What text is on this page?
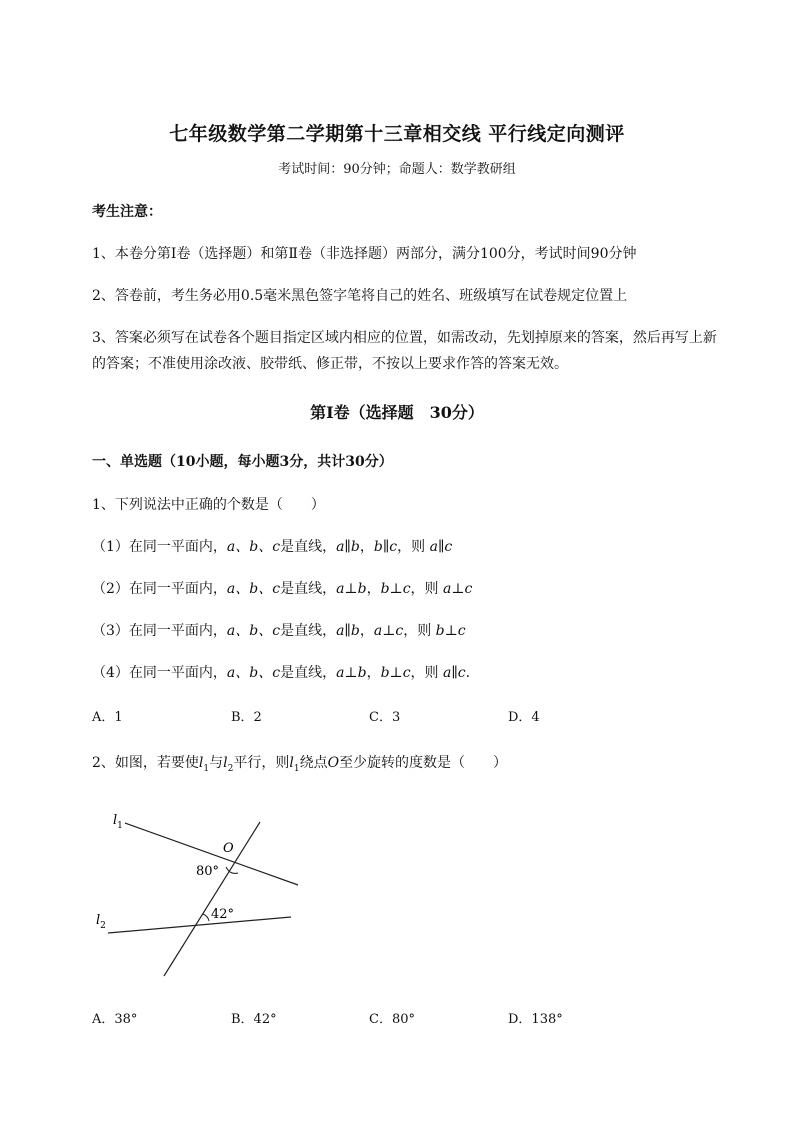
七年级数学第二学期第十三章相交线 平行线定向测评
考试时间：90分钟；命题人：数学教研组
考生注意：
1、本卷分第I卷（选择题）和第Ⅱ卷（非选择题）两部分，满分100分，考试时间90分钟
2、答卷前，考生务必用0.5毫米黑色签字笔将自己的姓名、班级填写在试卷规定位置上
3、答案必须写在试卷各个题目指定区域内相应的位置，如需改动，先划掉原来的答案，然后再写上新
的答案；不准使用涂改液、胶带纸、修正带，不按以上要求作答的答案无效。
第I卷（选择题　30分）
一、单选题（10小题，每小题3分，共计30分）
1、下列说法中正确的个数是（　　）
（1）在同一平面内，a、b、c是直线，a∥b，b∥c，则 a∥c
（2）在同一平面内，a、b、c是直线，a⊥b，b⊥c，则 a⊥c
（3）在同一平面内，a、b、c是直线，a∥b，a⊥c，则 b⊥c
（4）在同一平面内，a、b、c是直线，a⊥b，b⊥c，则 a∥c.
A．1	B．2	C．3	D．4
2、如图，若要使$l_1$与$l_2$平行，则$l_1$绕点O至少旋转的度数是（　　）
$l_1$
$l_2$
O
80°
42°
A．38°	B．42°	C．80°	D．138°
